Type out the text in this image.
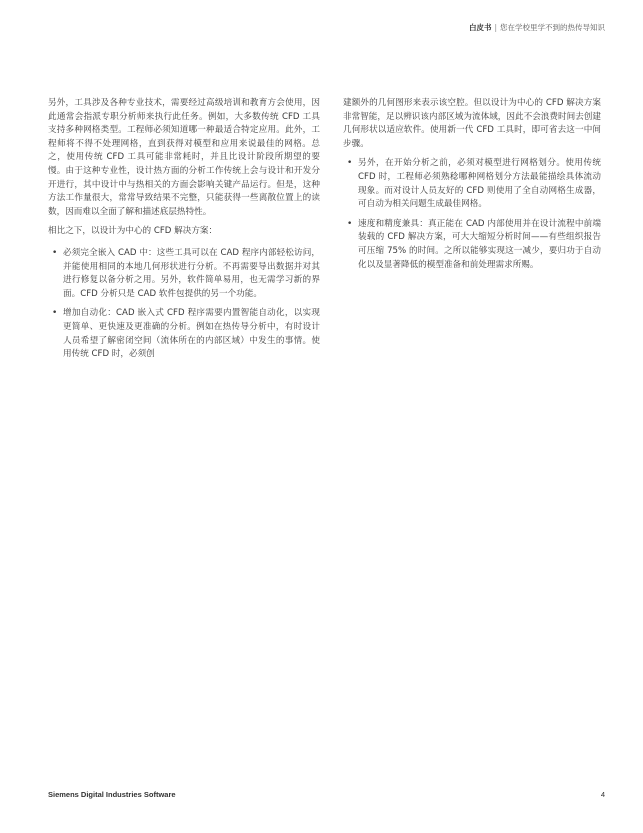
白皮书 | 您在学校里学不到的热传导知识

另外，工具涉及各种专业技术，需要经过高级培训和教育方会使用，因此通常会指派专职分析师来执行此任务。例如，大多数传统 CFD 工具支持多种网格类型。工程师必须知道哪一种最适合特定应用。此外，工程师将不得不处理网格，直到获得对模型和应用来说最佳的网格。总之，使用传统 CFD 工具可能非常耗时，并且比设计阶段所期望的要慢。由于这种专业性，设计热方面的分析工作传统上会与设计和开发分开进行，其中设计中与热相关的方面会影响关键产品运行。但是，这种方法工作量很大，常常导致结果不完整，只能获得一些离散位置上的读数，因而难以全面了解和描述底层热特性。

相比之下，以设计为中心的 CFD 解决方案：

• 必须完全嵌入 CAD 中：这些工具可以在 CAD 程序内部轻松访问，并能使用相同的本地几何形状进行分析。不再需要导出数据并对其进行修复以备分析之用。另外，软件简单易用，也无需学习新的界面。CFD 分析只是 CAD 软件包提供的另一个功能。
• 增加自动化：CAD 嵌入式 CFD 程序需要内置智能自动化，以实现更简单、更快速及更准确的分析。例如在热传导分析中，有时设计人员希望了解密闭空间（流体所在的内部区域）中发生的事情。使用传统 CFD 时，必须创

建额外的几何图形来表示该空腔。但以设计为中心的 CFD 解决方案非常智能，足以辨识该内部区域为流体域，因此不会浪费时间去创建几何形状以适应软件。使用新一代 CFD 工具时，即可省去这一中间步骤。

• 另外，在开始分析之前，必须对模型进行网格划分。使用传统 CFD 时，工程师必须熟稔哪种网格划分方法最能描绘具体流动现象。而对设计人员友好的 CFD 则使用了全自动网格生成器，可自动为相关问题生成最佳网格。
• 速度和精度兼具：真正能在 CAD 内部使用并在设计流程中前端装载的 CFD 解决方案，可大大缩短分析时间——有些组织报告可压缩 75% 的时间。之所以能够实现这一减少，要归功于自动化以及显著降低的模型准备和前处理需求所赐。
Siemens Digital Industries Software	4
